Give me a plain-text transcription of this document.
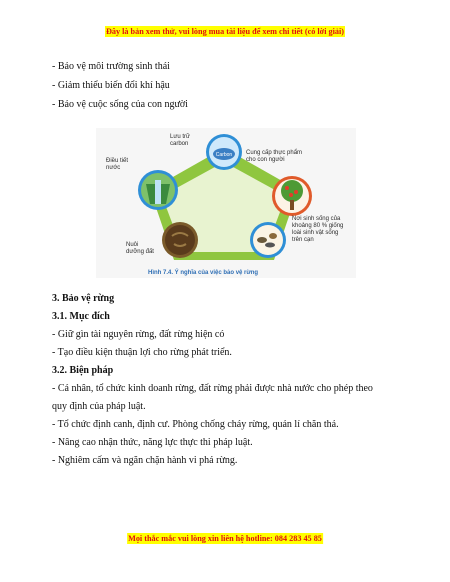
Đây là bản xem thử, vui lòng mua tài liệu để xem chi tiết (có lời giải)
- Bảo vệ môi trường sinh thái
- Giảm thiểu biến đổi khí hậu
- Bảo vệ cuộc sống của con người
Carbon
Lưu trữ
carbon
Cung cấp thực phẩm
cho con người
Điều tiết
nước
Nuôi
dưỡng đất
Nơi sinh sống của
khoảng 80 % giống
loài sinh vật sống
trên cạn
Hình 7.4. Ý nghĩa của việc bảo vệ rừng
3. Bảo vệ rừng
3.1. Mục đích
- Giữ gìn tài nguyên rừng, đất rừng hiện có
- Tạo điều kiện thuận lợi cho rừng phát triển.
3.2. Biện pháp
- Cá nhân, tổ chức kinh doanh rừng, đất rừng phải được nhà nước cho phép theo
quy định của pháp luật.
- Tổ chức định canh, định cư. Phòng chống cháy rừng, quản lí chăn thả.
- Nâng cao nhận thức, năng lực thực thi pháp luật.
- Nghiêm cấm và ngăn chặn hành vi phá rừng.
Mọi thắc mắc vui lòng xin liên hệ hotline: 084 283 45 85
